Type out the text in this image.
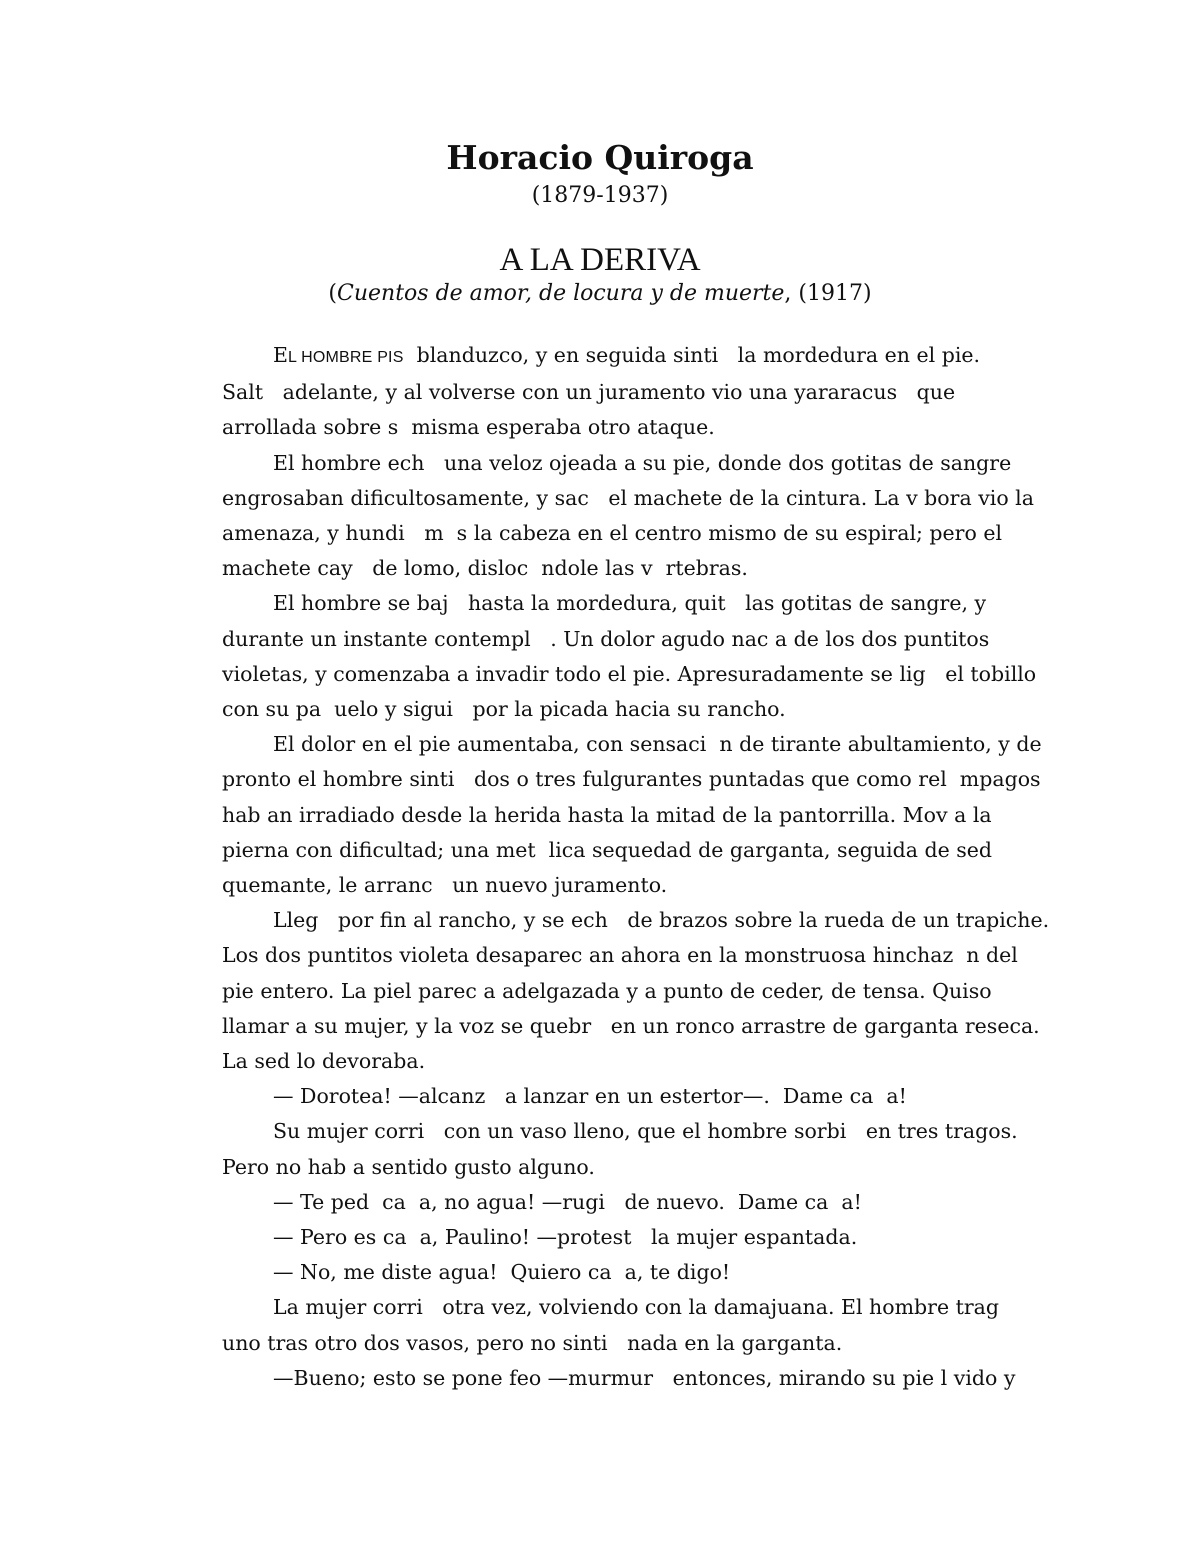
Horacio Quiroga
(1879-1937)
A LA DERIVA
(Cuentos de amor, de locura y de muerte, (1917)

EL HOMBRE PIS  blanduzco, y en seguida sinti   la mordedura en el pie.
Salt   adelante, y al volverse con un juramento vio una yararacus   que
arrollada sobre s  misma esperaba otro ataque.

El hombre ech   una veloz ojeada a su pie, donde dos gotitas de sangre
engrosaban dificultosamente, y sac   el machete de la cintura. La v bora vio la
amenaza, y hundi   m  s la cabeza en el centro mismo de su espiral; pero el
machete cay   de lomo, disloc  ndole las v  rtebras.

El hombre se baj   hasta la mordedura, quit   las gotitas de sangre, y
durante un instante contempl   . Un dolor agudo nac a de los dos puntitos
violetas, y comenzaba a invadir todo el pie. Apresuradamente se lig   el tobillo
con su pa  uelo y sigui   por la picada hacia su rancho.

El dolor en el pie aumentaba, con sensaci  n de tirante abultamiento, y de
pronto el hombre sinti   dos o tres fulgurantes puntadas que como rel  mpagos
hab an irradiado desde la herida hasta la mitad de la pantorrilla. Mov a la
pierna con dificultad; una met  lica sequedad de garganta, seguida de sed
quemante, le arranc   un nuevo juramento.

Lleg   por fin al rancho, y se ech   de brazos sobre la rueda de un trapiche.
Los dos puntitos violeta desaparec an ahora en la monstruosa hinchaz  n del
pie entero. La piel parec a adelgazada y a punto de ceder, de tensa. Quiso
llamar a su mujer, y la voz se quebr   en un ronco arrastre de garganta reseca.
La sed lo devoraba.

— Dorotea! —alcanz   a lanzar en un estertor—.  Dame ca  a!

Su mujer corri   con un vaso lleno, que el hombre sorbi   en tres tragos.
Pero no hab a sentido gusto alguno.

— Te ped  ca  a, no agua! —rugi   de nuevo.  Dame ca  a!

— Pero es ca  a, Paulino! —protest   la mujer espantada.

— No, me diste agua!  Quiero ca  a, te digo!

La mujer corri   otra vez, volviendo con la damajuana. El hombre trag
uno tras otro dos vasos, pero no sinti   nada en la garganta.

—Bueno; esto se pone feo —murmur   entonces, mirando su pie l vido y
